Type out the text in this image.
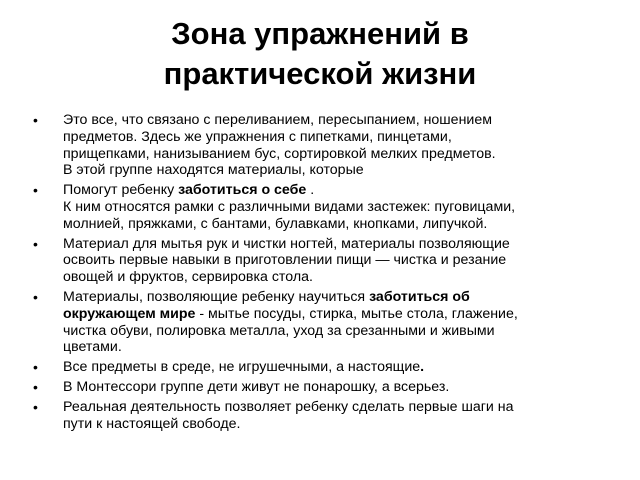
Зона упражнений в
практической жизни
• Это все, что связано с переливанием, пересыпанием, ношением
предметов. Здесь же упражнения с пипетками, пинцетами,
прищепками, нанизыванием бус, сортировкой мелких предметов.
В этой группе находятся материалы, которые
• Помогут ребенку заботиться о себе .
К ним относятся рамки с различными видами застежек: пуговицами,
молнией, пряжками, с бантами, булавками, кнопками, липучкой.
• Материал для мытья рук и чистки ногтей, материалы позволяющие
освоить первые навыки в приготовлении пищи — чистка и резание
овощей и фруктов, сервировка стола.
• Материалы, позволяющие ребенку научиться заботиться об
окружающем мире - мытье посуды, стирка, мытье стола, глажение,
чистка обуви, полировка металла, уход за срезанными и живыми
цветами.
• Все предметы в среде, не игрушечными, а настоящие.
• В Монтессори группе дети живут не понарошку, а всерьез.
• Реальная деятельность позволяет ребенку сделать первые шаги на
пути к настоящей свободе.
